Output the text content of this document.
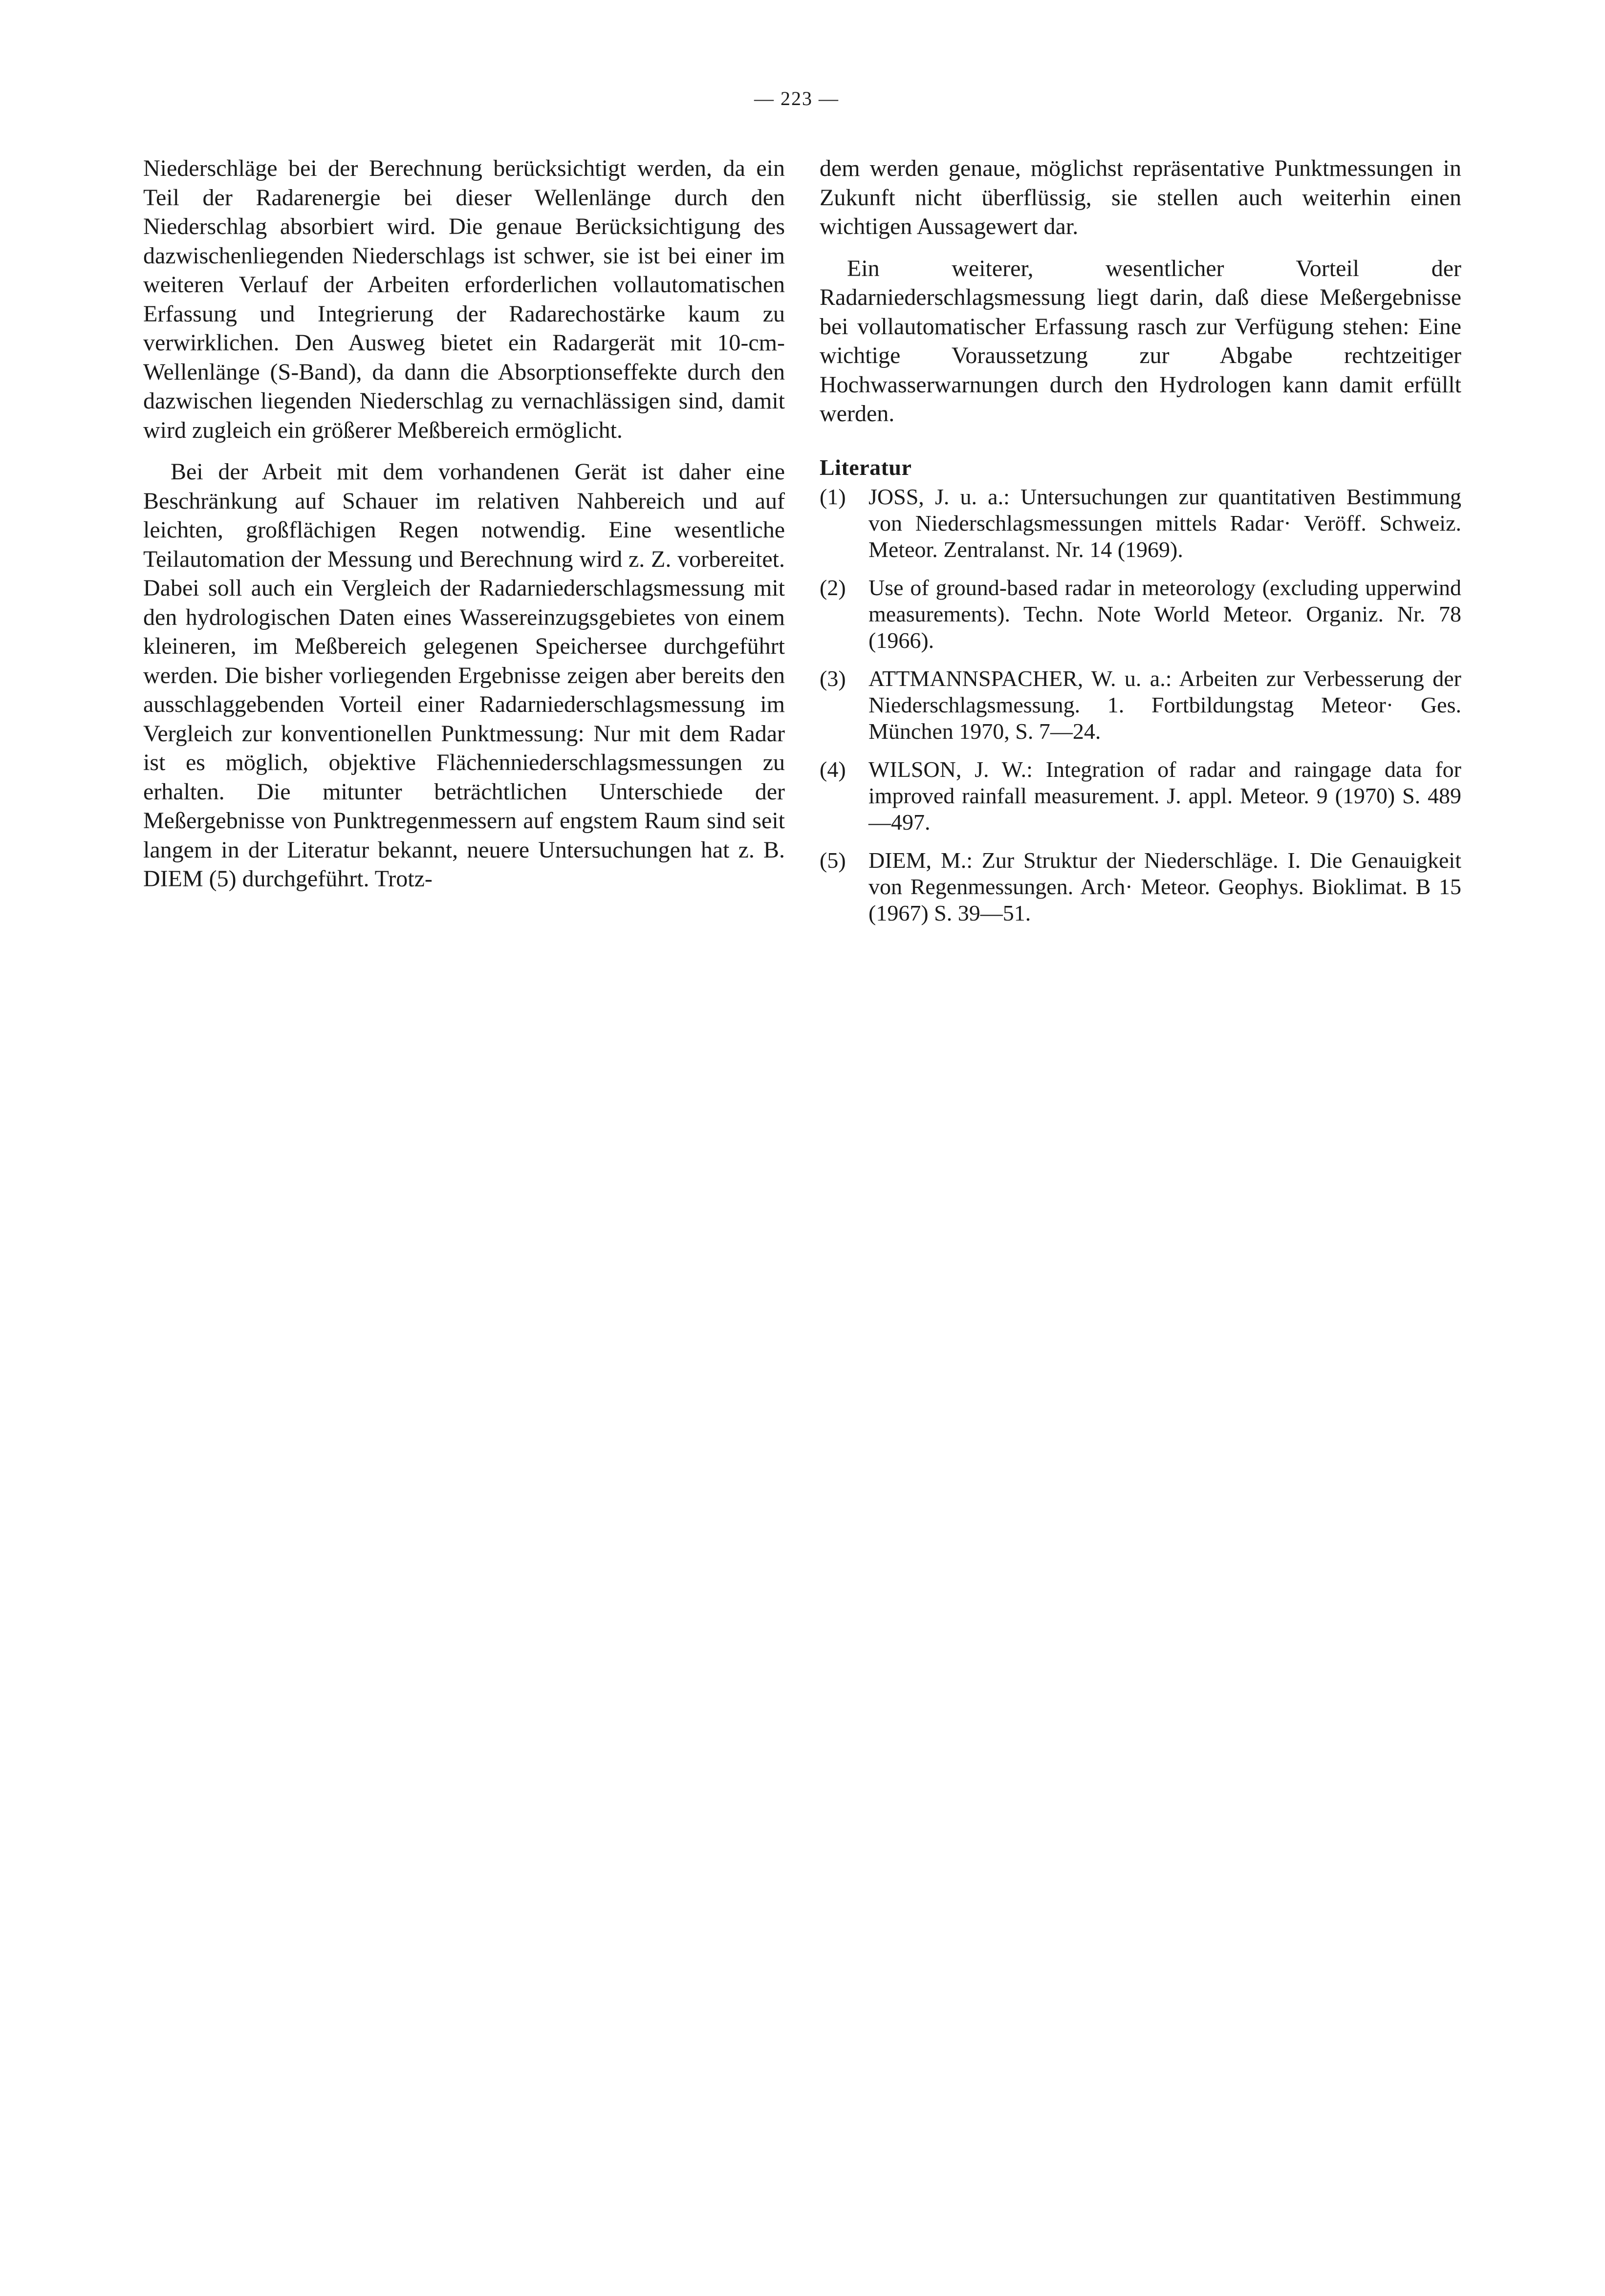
— 223 —

Niederschläge bei der Berechnung berücksichtigt werden, da ein Teil der Radarenergie bei dieser Wellenlänge durch den Niederschlag absorbiert wird. Die genaue Berücksichtigung des dazwischenliegenden Niederschlags ist schwer, sie ist bei einer im weiteren Verlauf der Arbeiten erforderlichen vollautomatischen Erfassung und Integrierung der Radarechostärke kaum zu verwirklichen. Den Ausweg bietet ein Radargerät mit 10-cm-Wellenlänge (S-Band), da dann die Absorptionseffekte durch den dazwischen liegenden Niederschlag zu vernachlässigen sind, damit wird zugleich ein größerer Meßbereich ermöglicht.

Bei der Arbeit mit dem vorhandenen Gerät ist daher eine Beschränkung auf Schauer im relativen Nahbereich und auf leichten, großflächigen Regen notwendig. Eine wesentliche Teilautomation der Messung und Berechnung wird z. Z. vorbereitet. Dabei soll auch ein Vergleich der Radarniederschlagsmessung mit den hydrologischen Daten eines Wassereinzugsgebietes von einem kleineren, im Meßbereich gelegenen Speichersee durchgeführt werden. Die bisher vorliegenden Ergebnisse zeigen aber bereits den ausschlaggebenden Vorteil einer Radarniederschlagsmessung im Vergleich zur konventionellen Punktmessung: Nur mit dem Radar ist es möglich, objektive Flächenniederschlagsmessungen zu erhalten. Die mitunter beträchtlichen Unterschiede der Meßergebnisse von Punktregenmessern auf engstem Raum sind seit langem in der Literatur bekannt, neuere Untersuchungen hat z. B. DIEM (5) durchgeführt. Trotz-

dem werden genaue, möglichst repräsentative Punktmessungen in Zukunft nicht überflüssig, sie stellen auch weiterhin einen wichtigen Aussagewert dar.

Ein weiterer, wesentlicher Vorteil der Radarniederschlagsmessung liegt darin, daß diese Meßergebnisse bei vollautomatischer Erfassung rasch zur Verfügung stehen: Eine wichtige Voraussetzung zur Abgabe rechtzeitiger Hochwasserwarnungen durch den Hydrologen kann damit erfüllt werden.

Literatur
(1)	JOSS, J. u. a.: Untersuchungen zur quantitativen Bestimmung von Niederschlagsmessungen mittels Radar· Veröff. Schweiz. Meteor. Zentralanst. Nr. 14 (1969).
(2)	Use of ground-based radar in meteorology (excluding upperwind measurements). Techn. Note World Meteor. Organiz. Nr. 78 (1966).
(3)	ATTMANNSPACHER, W. u. a.: Arbeiten zur Verbesserung der Niederschlagsmessung. 1. Fortbildungstag Meteor· Ges. München 1970, S. 7—24.
(4)	WILSON, J. W.: Integration of radar and raingage data for improved rainfall measurement. J. appl. Meteor. 9 (1970) S. 489—497.
(5)	DIEM, M.: Zur Struktur der Niederschläge. I. Die Genauigkeit von Regenmessungen. Arch· Meteor. Geophys. Bioklimat. B 15 (1967) S. 39—51.
